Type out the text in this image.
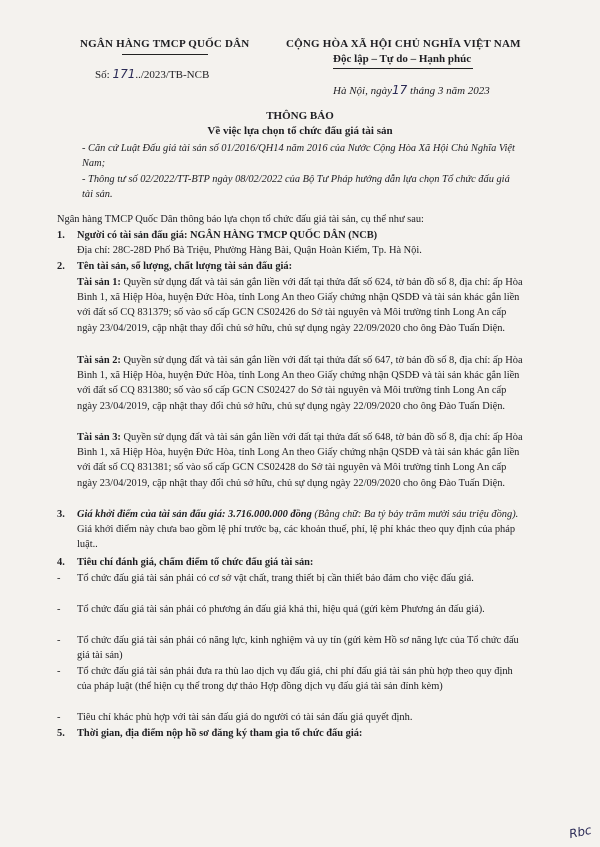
NGÂN HÀNG TMCP QUỐC DÂN
Số: 171../2023/TB-NCB
CỘNG HÒA XÃ HỘI CHỦ NGHĨA VIỆT NAM
Độc lập – Tự do – Hạnh phúc
Hà Nội, ngày17 tháng 3 năm 2023
THÔNG BÁO
Về việc lựa chọn tổ chức đấu giá tài sản
- Căn cứ Luật Đấu giá tài sản số 01/2016/QH14 năm 2016 của Nước Cộng Hòa Xã Hội Chủ Nghĩa Việt Nam;
- Thông tư số 02/2022/TT-BTP ngày 08/02/2022 của Bộ Tư Pháp hướng dẫn lựa chọn Tổ chức đấu giá tài sản.
Ngân hàng TMCP Quốc Dân thông báo lựa chọn tổ chức đấu giá tài sản, cụ thể như sau:
1. Người có tài sản đấu giá: NGÂN HÀNG TMCP QUỐC DÂN (NCB)
Địa chỉ: 28C-28D Phố Bà Triệu, Phường Hàng Bài, Quận Hoàn Kiếm, Tp. Hà Nội.
2. Tên tài sản, số lượng, chất lượng tài sản đấu giá:
Tài sản 1: Quyền sử dụng đất và tài sản gắn liền với đất tại thửa đất số 624, tờ bản đồ số 8, địa chỉ: ấp Hòa Bình 1, xã Hiệp Hòa, huyện Đức Hòa, tỉnh Long An theo Giấy chứng nhận QSDĐ và tài sản khác gắn liền với đất số CQ 831379; số vào sổ cấp GCN CS02426 do Sở tài nguyên và Môi trường tỉnh Long An cấp ngày 23/04/2019, cập nhật thay đổi chủ sở hữu, chủ sự dụng ngày 22/09/2020 cho ông Đào Tuấn Diện.
Tài sản 2: Quyền sử dụng đất và tài sản gắn liền với đất tại thửa đất số 647, tờ bản đồ số 8, địa chỉ: ấp Hòa Bình 1, xã Hiệp Hòa, huyện Đức Hòa, tỉnh Long An theo Giấy chứng nhận QSDĐ và tài sản khác gắn liền với đất số CQ 831380; số vào sổ cấp GCN CS02427 do Sở tài nguyên và Môi trường tỉnh Long An cấp ngày 23/04/2019, cập nhật thay đổi chủ sở hữu, chủ sự dụng ngày 22/09/2020 cho ông Đào Tuấn Diện.
Tài sản 3: Quyền sử dụng đất và tài sản gắn liền với đất tại thửa đất số 648, tờ bản đồ số 8, địa chỉ: ấp Hòa Bình 1, xã Hiệp Hòa, huyện Đức Hòa, tỉnh Long An theo Giấy chứng nhận QSDĐ và tài sản khác gắn liền với đất số CQ 831381; số vào sổ cấp GCN CS02428 do Sở tài nguyên và Môi trường tỉnh Long An cấp ngày 23/04/2019, cập nhật thay đổi chủ sở hữu, chủ sự dụng ngày 22/09/2020 cho ông Đào Tuấn Diện.
3. Giá khởi điểm của tài sản đấu giá: 3.716.000.000 đồng (Bằng chữ: Ba tỷ bảy trăm mười sáu triệu đồng). Giá khởi điểm này chưa bao gồm lệ phí trước bạ, các khoản thuế, phí, lệ phí khác theo quy định của pháp luật..
4. Tiêu chí đánh giá, chấm điểm tổ chức đấu giá tài sản:
- Tổ chức đấu giá tài sản phải có cơ sở vật chất, trang thiết bị cần thiết bảo đảm cho việc đấu giá.
- Tổ chức đấu giá tài sản phải có phương án đấu giá khả thi, hiệu quả (gửi kèm Phương án đấu giá).
- Tổ chức đấu giá tài sản phải có năng lực, kinh nghiệm và uy tín (gửi kèm Hồ sơ năng lực của Tổ chức đấu giá tài sản)
- Tổ chức đấu giá tài sản phải đưa ra thù lao dịch vụ đấu giá, chi phí đấu giá tài sản phù hợp theo quy định của pháp luật (thể hiện cụ thể trong dự thảo Hợp đồng dịch vụ đấu giá tài sản đính kèm)
- Tiêu chí khác phù hợp với tài sản đấu giá do người có tài sản đấu giá quyết định.
5. Thời gian, địa điểm nộp hồ sơ đăng ký tham gia tổ chức đấu giá:
Rbc
